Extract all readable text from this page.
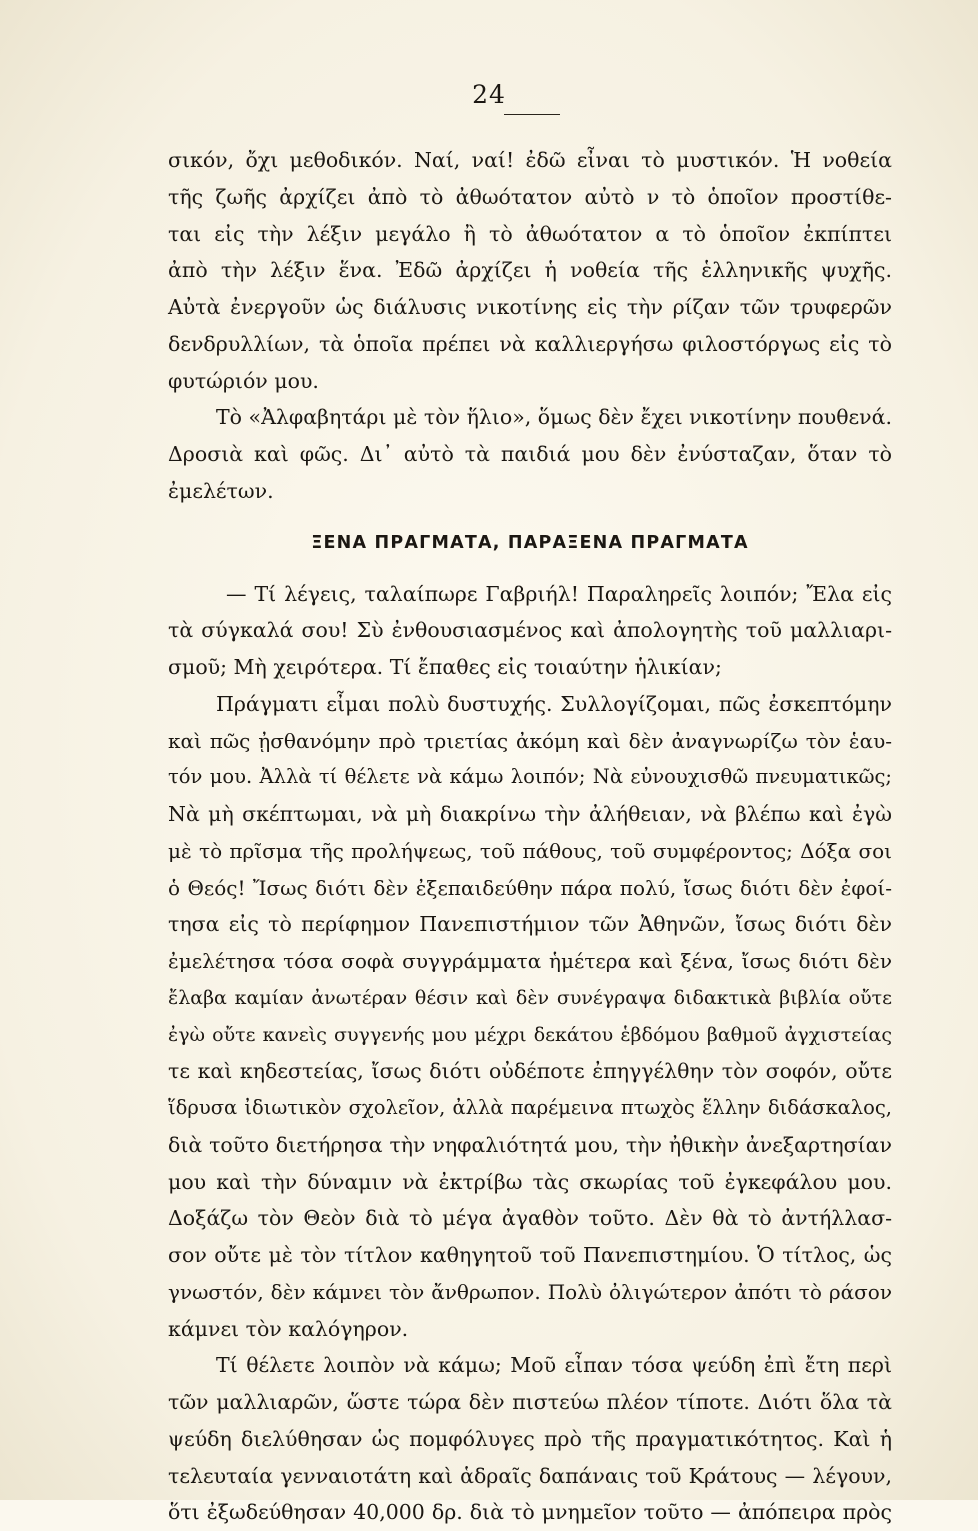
24
σικόν, ὄχι μεθοδικόν. Ναί, ναί! ἐδῶ εἶναι τὸ μυστικόν. Ἡ νοθεία
τῆς ζωῆς ἀρχίζει ἀπὸ τὸ ἀθωότατον αὐτὸ ν τὸ ὁποῖον προστίθε-
ται εἰς τὴν λέξιν μεγάλο ἢ τὸ ἀθωότατον α τὸ ὁποῖον ἐκπίπτει
ἀπὸ τὴν λέξιν ἕνα. Ἐδῶ ἀρχίζει ἡ νοθεία τῆς ἑλληνικῆς ψυχῆς.
Αὐτὰ ἐνεργοῦν ὡς διάλυσις νικοτίνης εἰς τὴν ρίζαν τῶν τρυφερῶν
δενδρυλλίων, τὰ ὁποῖα πρέπει νὰ καλλιεργήσω φιλοστόργως εἰς τὸ
φυτώριόν μου.
Τὸ «Ἀλφαβητάρι μὲ τὸν ἥλιο», ὅμως δὲν ἔχει νικοτίνην πουθενά.
Δροσιὰ καὶ φῶς. Δι᾽ αὐτὸ τὰ παιδιά μου δὲν ἐνύσταζαν, ὅταν τὸ
ἐμελέτων.
ΞΕΝΑ ΠΡΑΓΜΑΤΑ, ΠΑΡΑΞΕΝΑ ΠΡΑΓΜΑΤΑ
— Τί λέγεις, ταλαίπωρε Γαβριήλ! Παραληρεῖς λοιπόν; Ἔλα εἰς
τὰ σύγκαλά σου! Σὺ ἐνθουσιασμένος καὶ ἀπολογητὴς τοῦ μαλλιαρι-
σμοῦ; Μὴ χειρότερα. Τί ἔπαθες εἰς τοιαύτην ἡλικίαν;
Πράγματι εἶμαι πολὺ δυστυχής. Συλλογίζομαι, πῶς ἐσκεπτόμην
καὶ πῶς ᾐσθανόμην πρὸ τριετίας ἀκόμη καὶ δὲν ἀναγνωρίζω τὸν ἑαυ-
τόν μου. Ἀλλὰ τί θέλετε νὰ κάμω λοιπόν; Νὰ εὐνουχισθῶ πνευματικῶς;
Νὰ μὴ σκέπτωμαι, νὰ μὴ διακρίνω τὴν ἀλήθειαν, νὰ βλέπω καὶ ἐγὼ
μὲ τὸ πρῖσμα τῆς προλήψεως, τοῦ πάθους, τοῦ συμφέροντος; Δόξα σοι
ὁ Θεός! Ἴσως διότι δὲν ἐξεπαιδεύθην πάρα πολύ, ἴσως διότι δὲν ἐφοί-
τησα εἰς τὸ περίφημον Πανεπιστήμιον τῶν Ἀθηνῶν, ἴσως διότι δὲν
ἐμελέτησα τόσα σοφὰ συγγράμματα ἡμέτερα καὶ ξένα, ἴσως διότι δὲν
ἔλαβα καμίαν ἀνωτέραν θέσιν καὶ δὲν συνέγραψα διδακτικὰ βιβλία οὔτε
ἐγὼ οὔτε κανεὶς συγγενής μου μέχρι δεκάτου ἑβδόμου βαθμοῦ ἀγχιστείας
τε καὶ κηδεστείας, ἴσως διότι οὐδέποτε ἐπηγγέλθην τὸν σοφόν, οὔτε
ἵδρυσα ἰδιωτικὸν σχολεῖον, ἀλλὰ παρέμεινα πτωχὸς ἕλλην διδάσκαλος,
διὰ τοῦτο διετήρησα τὴν νηφαλιότητά μου, τὴν ἠθικὴν ἀνεξαρτησίαν
μου καὶ τὴν δύναμιν νὰ ἐκτρίβω τὰς σκωρίας τοῦ ἐγκεφάλου μου.
Δοξάζω τὸν Θεὸν διὰ τὸ μέγα ἀγαθὸν τοῦτο. Δὲν θὰ τὸ ἀντήλλασ-
σον οὔτε μὲ τὸν τίτλον καθηγητοῦ τοῦ Πανεπιστημίου. Ὁ τίτλος, ὡς
γνωστόν, δὲν κάμνει τὸν ἄνθρωπον. Πολὺ ὀλιγώτερον ἀπότι τὸ ράσον
κάμνει τὸν καλόγηρον.
Τί θέλετε λοιπὸν νὰ κάμω; Μοῦ εἶπαν τόσα ψεύδη ἐπὶ ἔτη περὶ
τῶν μαλλιαρῶν, ὥστε τώρα δὲν πιστεύω πλέον τίποτε. Διότι ὅλα τὰ
ψεύδη διελύθησαν ὡς πομφόλυγες πρὸ τῆς πραγματικότητος. Καὶ ἡ
τελευταία γενναιοτάτη καὶ ἁδραῖς δαπάναις τοῦ Κράτους — λέγουν,
ὅτι ἐξωδεύθησαν 40,000 δρ. διὰ τὸ μνημεῖον τοῦτο — ἀπόπειρα πρὸς
